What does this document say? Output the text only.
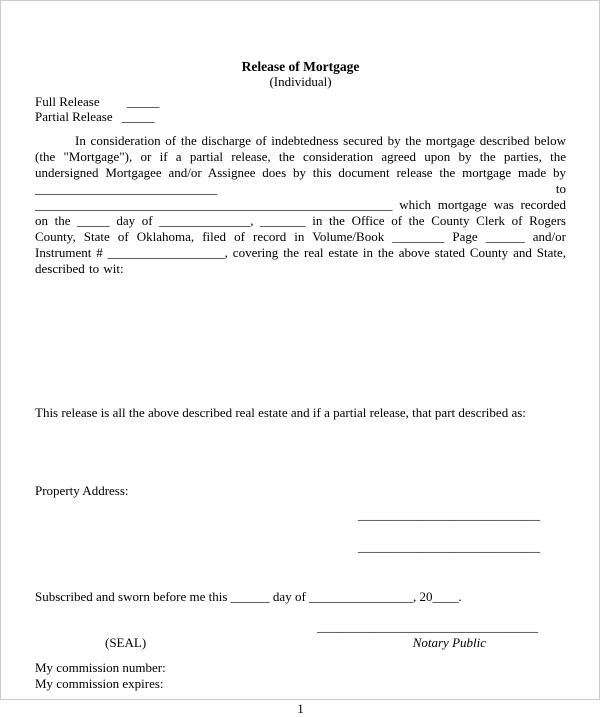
Release of Mortgage
(Individual)
Full Release _____
Partial Release _____

In consideration of the discharge of indebtedness secured by the mortgage described below (the "Mortgage"), or if a partial release, the consideration agreed upon by the parties, the undersigned Mortgagee and/or Assignee does by this document release the mortgage made by ____________________________ to _______________________________________________________ which mortgage was recorded on the _____ day of ______________, _______ in the Office of the County Clerk of Rogers County, State of Oklahoma, filed of record in Volume/Book ________ Page ______ and/or Instrument # __________________, covering the real estate in the above stated County and State, described to wit:

This release is all the above described real estate and if a partial release, that part described as:

Property Address:
____________________________
____________________________

Subscribed and sworn before me this ______ day of ________________, 20____.

__________________________________
(SEAL)	Notary Public
My commission number:
My commission expires:
1
